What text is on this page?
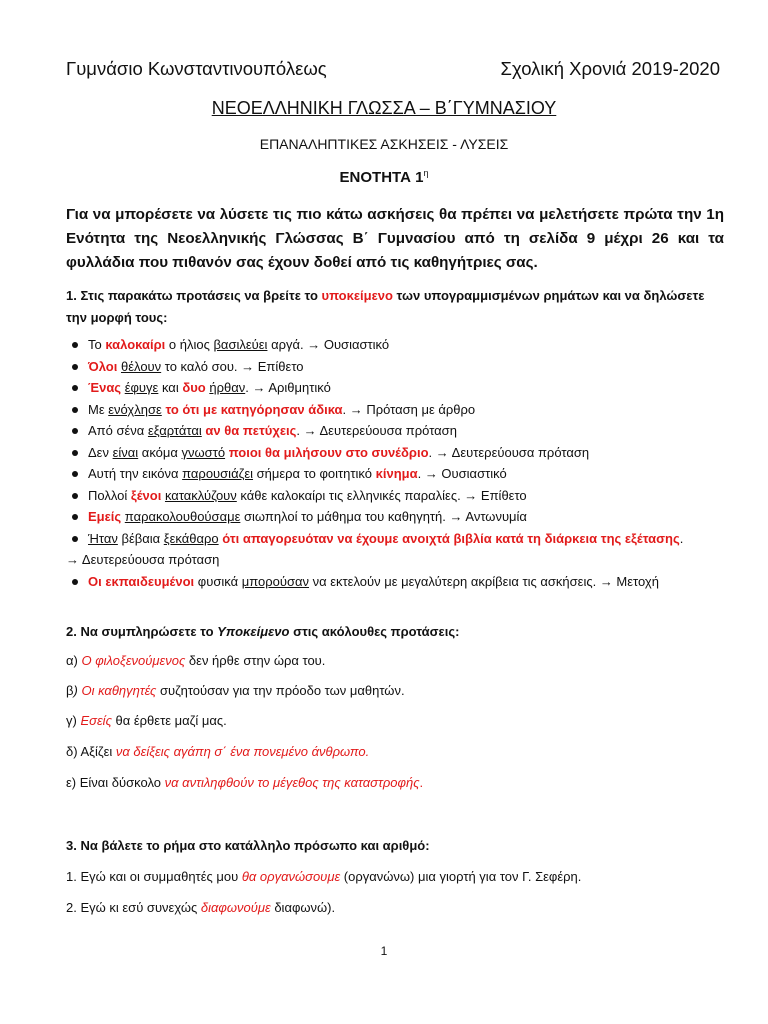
Γυμνάσιο Κωνσταντινουπόλεως	Σχολική Χρονιά 2019-2020
ΝΕΟΕΛΛΗΝΙΚΗ ΓΛΩΣΣΑ – Β΄ΓΥΜΝΑΣΙΟΥ
ΕΠΑΝΑΛΗΠΤΙΚΕΣ ΑΣΚΗΣΕΙΣ - ΛΥΣΕΙΣ
ΕΝΟΤΗΤΑ $1^\eta$
Για να μπορέσετε να λύσετε τις πιο κάτω ασκήσεις θα πρέπει να μελετήσετε πρώτα την 1η Ενότητα της Νεοελληνικής Γλώσσας Β΄ Γυμνασίου από τη σελίδα 9 μέχρι 26 και τα φυλλάδια που πιθανόν σας έχουν δοθεί από τις καθηγήτριες σας.
1. Στις παρακάτω προτάσεις να βρείτε το υποκείμενο των υπογραμμισμένων ρημάτων και να δηλώσετε την μορφή τους:
Το καλοκαίρι ο ήλιος βασιλεύει αργά. → Ουσιαστικό
Όλοι θέλουν το καλό σου. → Επίθετο
Ένας έφυγε και δυο ήρθαν. → Αριθμητικό
Με ενόχλησε το ότι με κατηγόρησαν άδικα. → Πρόταση με άρθρο
Από σένα εξαρτάται αν θα πετύχεις. → Δευτερεύουσα πρόταση
Δεν είναι ακόμα γνωστό ποιοι θα μιλήσουν στο συνέδριο. → Δευτερεύουσα πρόταση
Αυτή την εικόνα παρουσιάζει σήμερα το φοιτητικό κίνημα. → Ουσιαστικό
Πολλοί ξένοι κατακλύζουν κάθε καλοκαίρι τις ελληνικές παραλίες. → Επίθετο
Εμείς παρακολουθούσαμε σιωπηλοί το μάθημα του καθηγητή. → Αντωνυμία
Ήταν βέβαια ξεκάθαρο ότι απαγορευόταν να έχουμε ανοιχτά βιβλία κατά τη διάρκεια της εξέτασης.
→ Δευτερεύουσα πρόταση
Οι εκπαιδευμένοι φυσικά μπορούσαν να εκτελούν με μεγαλύτερη ακρίβεια τις ασκήσεις. → Μετοχή
2. Να συμπληρώσετε το Υποκείμενο στις ακόλουθες προτάσεις:
α) Ο φιλοξενούμενος δεν ήρθε στην ώρα του.
β) Οι καθηγητές συζητούσαν για την πρόοδο των μαθητών.
γ) Εσείς θα έρθετε μαζί μας.
δ) Αξίζει να δείξεις αγάπη σ΄ ένα πονεμένο άνθρωπο.
ε) Είναι δύσκολο να αντιληφθούν το μέγεθος της καταστροφής.
3. Να βάλετε το ρήμα στο κατάλληλο πρόσωπο και αριθμό:
1. Εγώ και οι συμμαθητές μου θα οργανώσουμε (οργανώνω) μια γιορτή για τον Γ. Σεφέρη.
2. Εγώ κι εσύ συνεχώς διαφωνούμε διαφωνώ).
1
